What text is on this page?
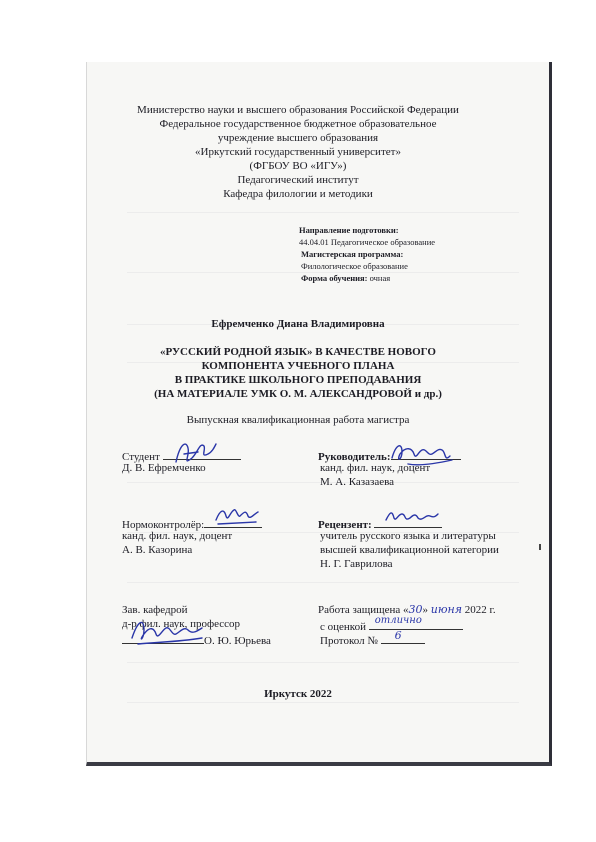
Министерство науки и высшего образования Российской Федерации
Федеральное государственное бюджетное образовательное
учреждение высшего образования
«Иркутский государственный университет»
(ФГБОУ ВО «ИГУ»)
Педагогический институт
Кафедра филологии и методики
Направление подготовки:
44.04.01 Педагогическое образование
Магистерская программа:
Филологическое образование
Форма обучения: очная
Ефремченко Диана Владимировна
«РУССКИЙ РОДНОЙ ЯЗЫК» В КАЧЕСТВЕ НОВОГО
КОМПОНЕНТА УЧЕБНОГО ПЛАНА
В ПРАКТИКЕ ШКОЛЬНОГО ПРЕПОДАВАНИЯ
(НА МАТЕРИАЛЕ УМК О. М. АЛЕКСАНДРОВОЙ и др.)
Выпускная квалификационная работа магистра
Студент
Д. В. Ефремченко
Руководитель:
канд. фил. наук, доцент
М. А. Казазаева
Нормоконтролёр:
канд. фил. наук, доцент
А. В. Казорина
Рецензент:
учитель русского языка и литературы
высшей квалификационной категории
Н. Г. Гаврилова
Зав. кафедрой
д-р фил. наук, профессор
О. Ю. Юрьева
Работа защищена «30» июня 2022 г.
с оценкой
отлично
Протокол № 6
Иркутск 2022
